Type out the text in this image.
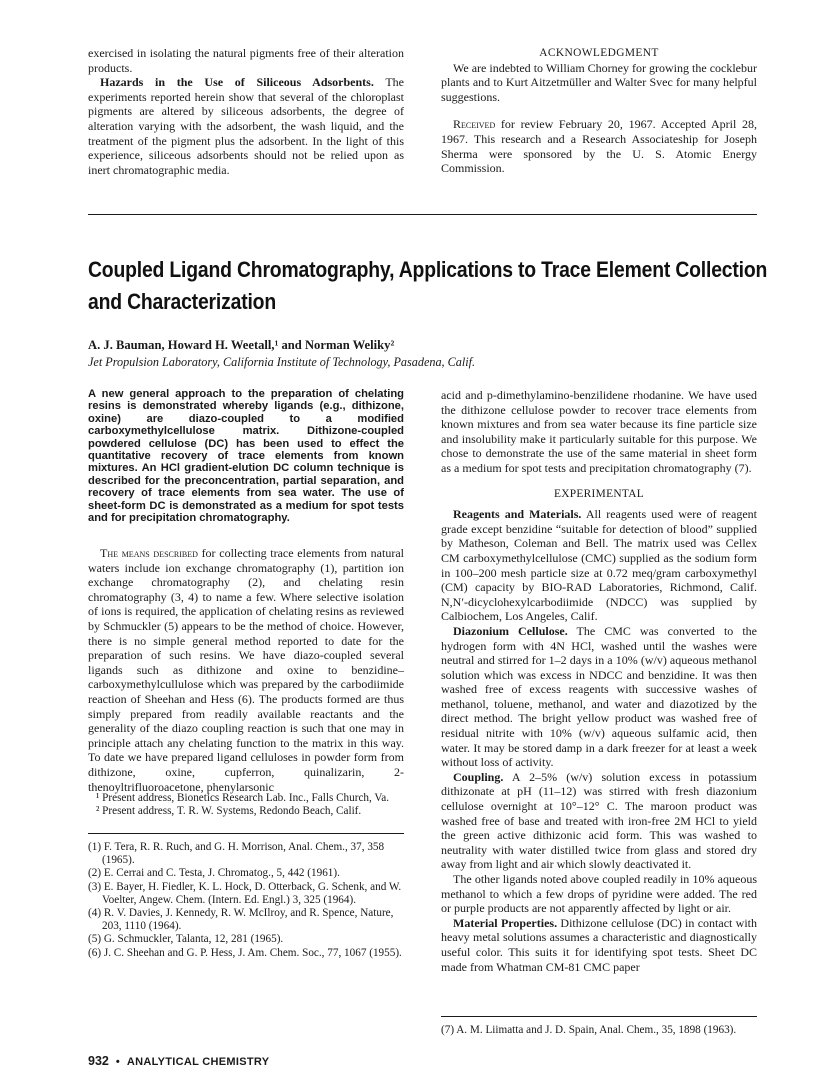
exercised in isolating the natural pigments free of their alteration products.

Hazards in the Use of Siliceous Adsorbents. The experiments reported herein show that several of the chloroplast pigments are altered by siliceous adsorbents, the degree of alteration varying with the adsorbent, the wash liquid, and the treatment of the pigment plus the adsorbent. In the light of this experience, siliceous adsorbents should not be relied upon as inert chromatographic media.

ACKNOWLEDGMENT

We are indebted to William Chorney for growing the cocklebur plants and to Kurt Aitzetmüller and Walter Svec for many helpful suggestions.

Received for review February 20, 1967. Accepted April 28, 1967. This research and a Research Associateship for Joseph Sherma were sponsored by the U. S. Atomic Energy Commission.

Coupled Ligand Chromatography, Applications to Trace Element Collection and Characterization
A. J. Bauman, Howard H. Weetall,¹ and Norman Weliky²
Jet Propulsion Laboratory, California Institute of Technology, Pasadena, Calif.
A new general approach to the preparation of chelating resins is demonstrated whereby ligands (e.g., dithizone, oxine) are diazo-coupled to a modified carboxymethylcellulose matrix. Dithizone-coupled powdered cellulose (DC) has been used to effect the quantitative recovery of trace elements from known mixtures. An HCl gradient-elution DC column technique is described for the preconcentration, partial separation, and recovery of trace elements from sea water. The use of sheet-form DC is demonstrated as a medium for spot tests and for precipitation chromatography.

The means described for collecting trace elements from natural waters include ion exchange chromatography (1), partition ion exchange chromatography (2), and chelating resin chromatography (3, 4) to name a few. Where selective isolation of ions is required, the application of chelating resins as reviewed by Schmuckler (5) appears to be the method of choice. However, there is no simple general method reported to date for the preparation of such resins. We have diazo-coupled several ligands such as dithizone and oxine to benzidine–carboxymethylcullulose which was prepared by the carbodiimide reaction of Sheehan and Hess (6). The products formed are thus simply prepared from readily available reactants and the generality of the diazo coupling reaction is such that one may in principle attach any chelating function to the matrix in this way. To date we have prepared ligand celluloses in powder form from dithizone, oxine, cupferron, quinalizarin, 2-thenoyltrifluoroacetone, phenylarsonic

¹ Present address, Bionetics Research Lab. Inc., Falls Church, Va.

² Present address, T. R. W. Systems, Redondo Beach, Calif.

(1) F. Tera, R. R. Ruch, and G. H. Morrison, Anal. Chem., 37, 358 (1965).

(2) E. Cerrai and C. Testa, J. Chromatog., 5, 442 (1961).

(3) E. Bayer, H. Fiedler, K. L. Hock, D. Otterback, G. Schenk, and W. Voelter, Angew. Chem. (Intern. Ed. Engl.) 3, 325 (1964).

(4) R. V. Davies, J. Kennedy, R. W. McIlroy, and R. Spence, Nature, 203, 1110 (1964).

(5) G. Schmuckler, Talanta, 12, 281 (1965).

(6) J. C. Sheehan and G. P. Hess, J. Am. Chem. Soc., 77, 1067 (1955).

acid and p-dimethylamino-benzilidene rhodanine. We have used the dithizone cellulose powder to recover trace elements from known mixtures and from sea water because its fine particle size and insolubility make it particularly suitable for this purpose. We chose to demonstrate the use of the same material in sheet form as a medium for spot tests and precipitation chromatography (7).

EXPERIMENTAL

Reagents and Materials. All reagents used were of reagent grade except benzidine “suitable for detection of blood” supplied by Matheson, Coleman and Bell. The matrix used was Cellex CM carboxymethylcellulose (CMC) supplied as the sodium form in 100–200 mesh particle size at 0.72 meq/gram carboxymethyl (CM) capacity by BIO-RAD Laboratories, Richmond, Calif. N,N′-dicyclohexylcarbodiimide (NDCC) was supplied by Calbiochem, Los Angeles, Calif.

Diazonium Cellulose. The CMC was converted to the hydrogen form with 4N HCl, washed until the washes were neutral and stirred for 1–2 days in a 10% (w/v) aqueous methanol solution which was excess in NDCC and benzidine. It was then washed free of excess reagents with successive washes of methanol, toluene, methanol, and water and diazotized by the direct method. The bright yellow product was washed free of residual nitrite with 10% (w/v) aqueous sulfamic acid, then water. It may be stored damp in a dark freezer for at least a week without loss of activity.

Coupling. A 2–5% (w/v) solution excess in potassium dithizonate at pH (11–12) was stirred with fresh diazonium cellulose overnight at 10°–12° C. The maroon product was washed free of base and treated with iron-free 2M HCl to yield the green active dithizonic acid form. This was washed to neutrality with water distilled twice from glass and stored dry away from light and air which slowly deactivated it.

The other ligands noted above coupled readily in 10% aqueous methanol to which a few drops of pyridine were added. The red or purple products are not apparently affected by light or air.

Material Properties. Dithizone cellulose (DC) in contact with heavy metal solutions assumes a characteristic and diagnostically useful color. This suits it for identifying spot tests. Sheet DC made from Whatman CM-81 CMC paper

(7) A. M. Liimatta and J. D. Spain, Anal. Chem., 35, 1898 (1963).
932 • ANALYTICAL CHEMISTRY
